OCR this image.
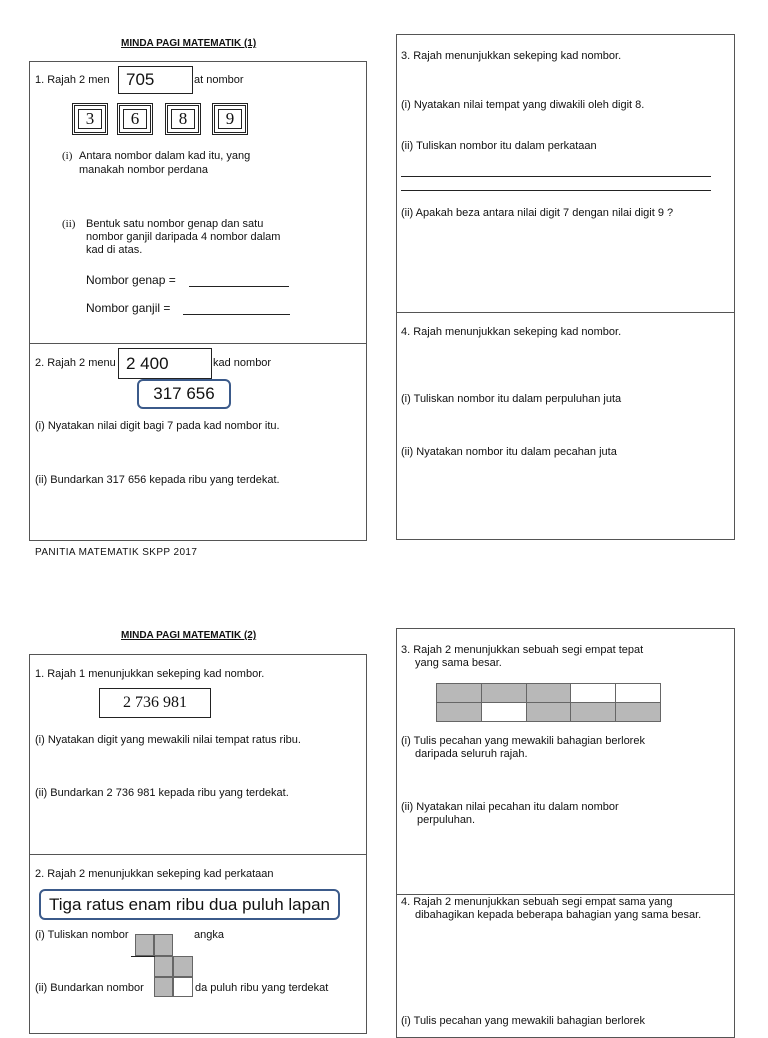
MINDA PAGI MATEMATIK (1)
1. Rajah 2 men	at nombor
705
3	6	8	9
(i) Antara nombor dalam kad itu, yang
manakah nombor perdana
(ii) Bentuk satu nombor genap dan satu
nombor ganjil daripada 4 nombor dalam
kad di atas.
Nombor genap =
Nombor ganjil =
2. Rajah 2 menu	kad nombor
2 400
317 656
(i) Nyatakan nilai digit bagi 7 pada kad nombor itu.
(ii) Bundarkan 317 656 kepada ribu yang terdekat.
PANITIA MATEMATIK SKPP 2017
3. Rajah menunjukkan sekeping kad nombor.
(i) Nyatakan nilai tempat yang diwakili oleh digit 8.
(ii) Tuliskan nombor itu dalam perkataan
(ii) Apakah beza antara nilai digit 7 dengan nilai digit 9 ?
4. Rajah menunjukkan sekeping kad nombor.
(i) Tuliskan nombor itu dalam perpuluhan juta
(ii) Nyatakan nombor itu dalam pecahan juta
MINDA PAGI MATEMATIK (2)
1. Rajah 1 menunjukkan sekeping kad nombor.
2 736 981
(i) Nyatakan digit yang mewakili nilai tempat ratus ribu.
(ii) Bundarkan 2 736 981 kepada ribu yang terdekat.
2. Rajah 2 menunjukkan sekeping kad perkataan
Tiga ratus enam ribu dua puluh lapan
(i) Tuliskan nombor	angka
(ii) Bundarkan nombor	da puluh ribu yang terdekat
3. Rajah 2 menunjukkan sebuah segi empat tepat
yang sama besar.
(i) Tulis pecahan yang mewakili bahagian berlorek
daripada seluruh rajah.
(ii) Nyatakan nilai pecahan itu dalam nombor
perpuluhan.
4. Rajah 2 menunjukkan sebuah segi empat sama yang
dibahagikan kepada beberapa bahagian yang sama besar.
(i) Tulis pecahan yang mewakili bahagian berlorek
